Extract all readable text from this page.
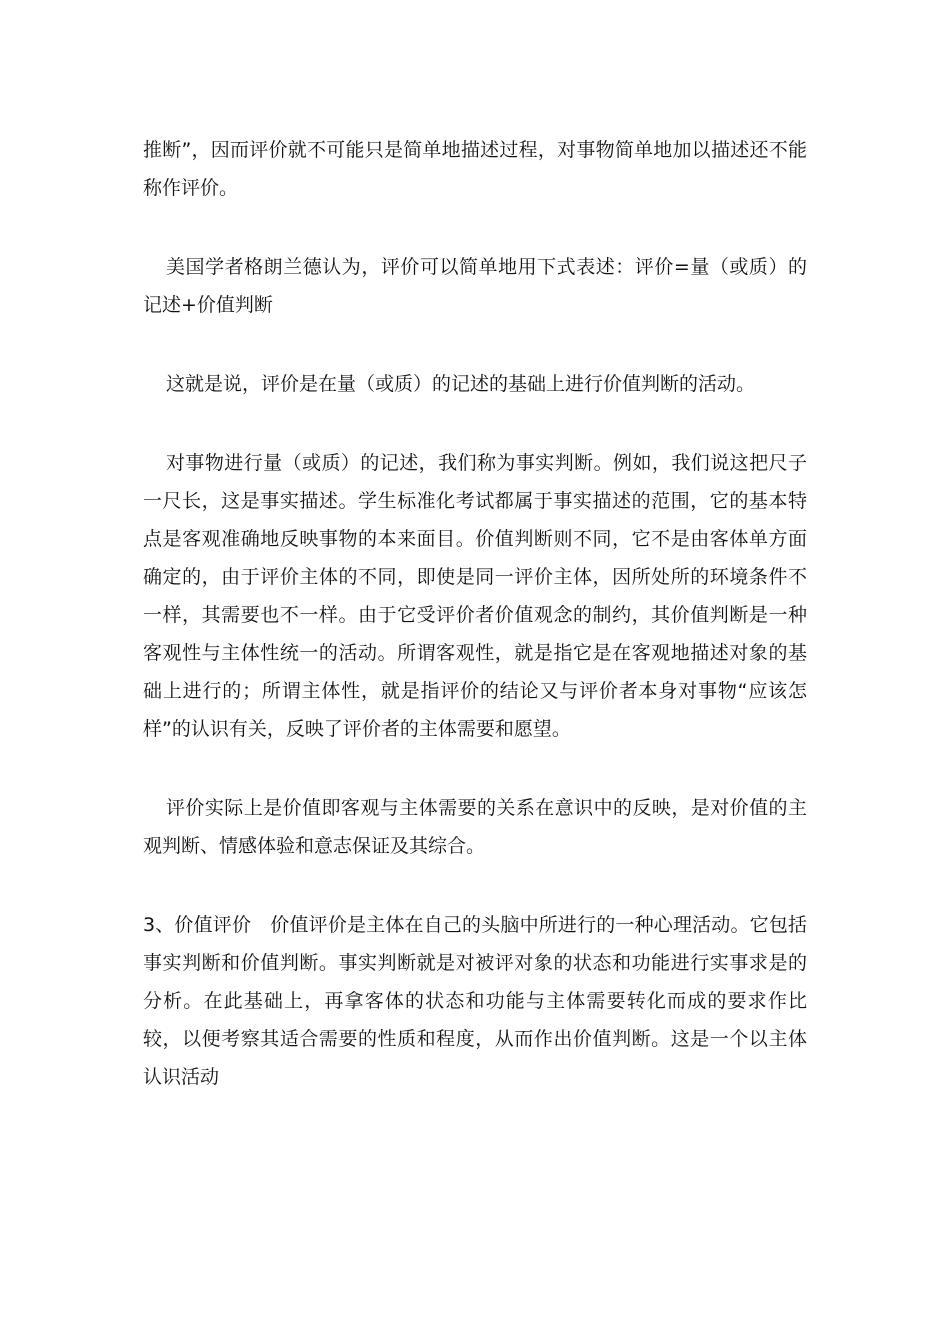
推断”，因而评价就不可能只是简单地描述过程，对事物简单地加以描述还不能称作评价。

美国学者格朗兰德认为，评价可以简单地用下式表述：评价=量（或质）的记述+价值判断

这就是说，评价是在量（或质）的记述的基础上进行价值判断的活动。

对事物进行量（或质）的记述，我们称为事实判断。例如，我们说这把尺子一尺长，这是事实描述。学生标准化考试都属于事实描述的范围，它的基本特点是客观准确地反映事物的本来面目。价值判断则不同，它不是由客体单方面确定的，由于评价主体的不同，即使是同一评价主体，因所处所的环境条件不一样，其需要也不一样。由于它受评价者价值观念的制约，其价值判断是一种客观性与主体性统一的活动。所谓客观性，就是指它是在客观地描述对象的基础上进行的；所谓主体性，就是指评价的结论又与评价者本身对事物“应该怎样”的认识有关，反映了评价者的主体需要和愿望。

评价实际上是价值即客观与主体需要的关系在意识中的反映，是对价值的主观判断、情感体验和意志保证及其综合。

3、价值评价　价值评价是主体在自己的头脑中所进行的一种心理活动。它包括事实判断和价值判断。事实判断就是对被评对象的状态和功能进行实事求是的分析。在此基础上，再拿客体的状态和功能与主体需要转化而成的要求作比较，以便考察其适合需要的性质和程度，从而作出价值判断。这是一个以主体认识活动
